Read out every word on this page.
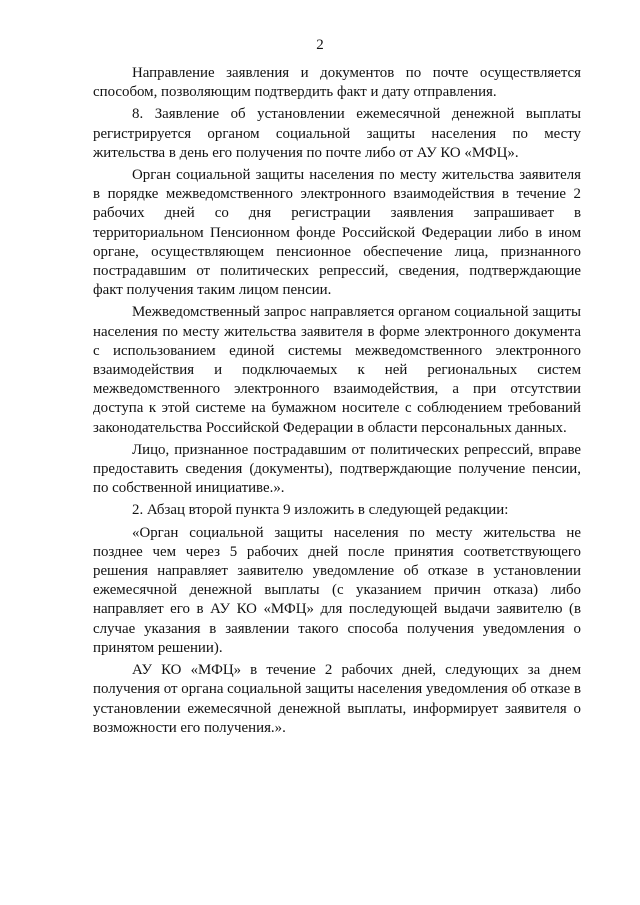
2

Направление заявления и документов по почте осуществляется способом, позволяющим подтвердить факт и дату отправления.

8. Заявление об установлении ежемесячной денежной выплаты регистрируется органом социальной защиты населения по месту жительства в день его получения по почте либо от АУ КО «МФЦ».

Орган социальной защиты населения по месту жительства заявителя в порядке межведомственного электронного взаимодействия в течение 2 рабочих дней со дня регистрации заявления запрашивает в территориальном Пенсионном фонде Российской Федерации либо в ином органе, осуществляющем пенсионное обеспечение лица, признанного пострадавшим от политических репрессий, сведения, подтверждающие факт получения таким лицом пенсии.

Межведомственный запрос направляется органом социальной защиты населения по месту жительства заявителя в форме электронного документа с использованием единой системы межведомственного электронного взаимодействия и подключаемых к ней региональных систем межведомственного электронного взаимодействия, а при отсутствии доступа к этой системе на бумажном носителе с соблюдением требований законодательства Российской Федерации в области персональных данных.

Лицо, признанное пострадавшим от политических репрессий, вправе предоставить сведения (документы), подтверждающие получение пенсии, по собственной инициативе.».

2. Абзац второй пункта 9 изложить в следующей редакции:

«Орган социальной защиты населения по месту жительства не позднее чем через 5 рабочих дней после принятия соответствующего решения направляет заявителю уведомление об отказе в установлении ежемесячной денежной выплаты (с указанием причин отказа) либо направляет его в АУ КО «МФЦ» для последующей выдачи заявителю (в случае указания в заявлении такого способа получения уведомления о принятом решении).

АУ КО «МФЦ» в течение 2 рабочих дней, следующих за днем получения от органа социальной защиты населения уведомления об отказе в установлении ежемесячной денежной выплаты, информирует заявителя о возможности его получения.».
